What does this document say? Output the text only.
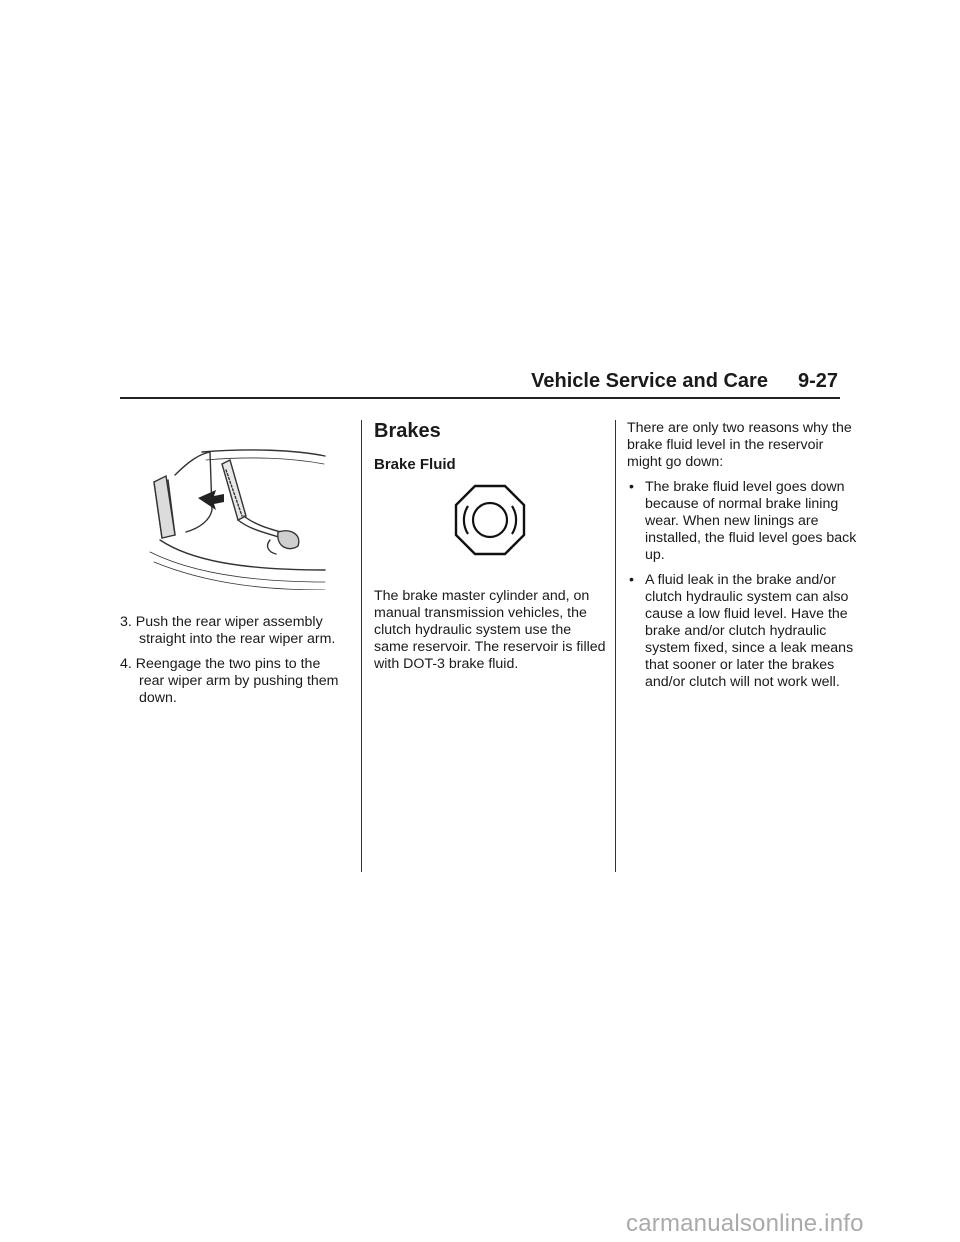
Vehicle Service and Care 9-27
3. Push the rear wiper assembly straight into the rear wiper arm.
4. Reengage the two pins to the rear wiper arm by pushing them down.
Brakes
Brake Fluid

The brake master cylinder and, on manual transmission vehicles, the clutch hydraulic system use the same reservoir. The reservoir is filled with DOT-3 brake fluid.

There are only two reasons why the brake fluid level in the reservoir might go down:

• The brake fluid level goes down because of normal brake lining wear. When new linings are installed, the fluid level goes back up.
• A fluid leak in the brake and/or clutch hydraulic system can also cause a low fluid level. Have the brake and/or clutch hydraulic system fixed, since a leak means that sooner or later the brakes and/or clutch will not work well.
carmanualsonline.info
